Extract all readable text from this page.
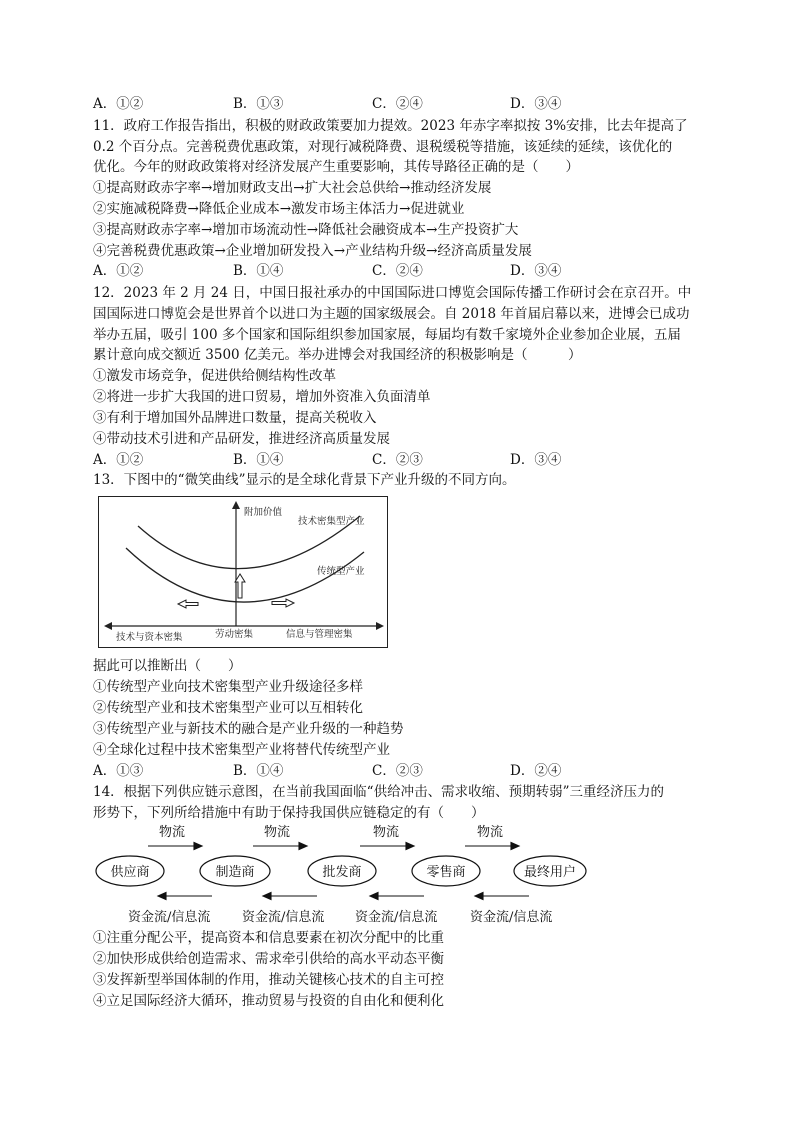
A．①②	B．①③	C．②④	D．③④
11．政府工作报告指出，积极的财政政策要加力提效。2023 年赤字率拟按 3%安排，比去年提高了
0.2 个百分点。完善税费优惠政策，对现行减税降费、退税缓税等措施，该延续的延续，该优化的
优化。今年的财政政策将对经济发展产生重要影响，其传导路径正确的是（　　）
①提高财政赤字率→增加财政支出→扩大社会总供给→推动经济发展
②实施减税降费→降低企业成本→激发市场主体活力→促进就业
③提高财政赤字率→增加市场流动性→降低社会融资成本→生产投资扩大
④完善税费优惠政策→企业增加研发投入→产业结构升级→经济高质量发展
A．①②	B．①④	C．②④	D．③④
12．2023 年 2 月 24 日，中国日报社承办的中国国际进口博览会国际传播工作研讨会在京召开。中
国国际进口博览会是世界首个以进口为主题的国家级展会。自 2018 年首届启幕以来，进博会已成功
举办五届，吸引 100 多个国家和国际组织参加国家展，每届均有数千家境外企业参加企业展，五届
累计意向成交额近 3500 亿美元。举办进博会对我国经济的积极影响是（　　　）
①激发市场竞争，促进供给侧结构性改革
②将进一步扩大我国的进口贸易，增加外资准入负面清单
③有利于增加国外品牌进口数量，提高关税收入
④带动技术引进和产品研发，推进经济高质量发展
A．①②	B．①④	C．②③	D．③④
13．下图中的“微笑曲线”显示的是全球化背景下产业升级的不同方向。
附加价值
技术密集型产业
传统型产业
技术与资本密集	劳动密集	信息与管理密集
据此可以推断出（　　）
①传统型产业向技术密集型产业升级途径多样
②传统型产业和技术密集型产业可以互相转化
③传统型产业与新技术的融合是产业升级的一种趋势
④全球化过程中技术密集型产业将替代传统型产业
A．①③	B．①④	C．②③	D．②④
14．根据下列供应链示意图，在当前我国面临“供给冲击、需求收缩、预期转弱”三重经济压力的
形势下，下列所给措施中有助于保持我国供应链稳定的有（　　）
物流	物流	物流	物流
供应商	制造商	批发商	零售商	最终用户
资金流/信息流 资金流/信息流 资金流/信息流	资金流/信息流
①注重分配公平，提高资本和信息要素在初次分配中的比重
②加快形成供给创造需求、需求牵引供给的高水平动态平衡
③发挥新型举国体制的作用，推动关键核心技术的自主可控
④立足国际经济大循环，推动贸易与投资的自由化和便利化
